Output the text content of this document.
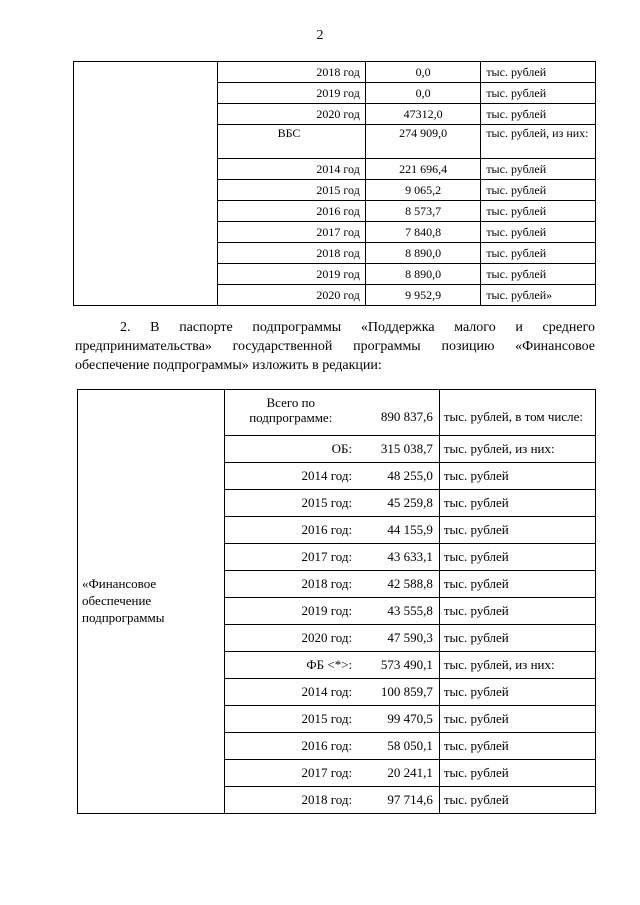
2
	2018 год	0,0	тыс. рублей
	2019 год	0,0	тыс. рублей
	2020 год	47312,0	тыс. рублей
	ВБС	274 909,0	тыс. рублей, из них:
	2014 год	221 696,4	тыс. рублей
	2015 год	9 065,2	тыс. рублей
	2016 год	8 573,7	тыс. рублей
	2017 год	7 840,8	тыс. рублей
	2018 год	8 890,0	тыс. рублей
	2019 год	8 890,0	тыс. рублей
	2020 год	9 952,9	тыс. рублей»
2. В паспорте подпрограммы «Поддержка малого и среднего
предпринимательства» государственной программы позицию «Финансовое
обеспечение подпрограммы» изложить в редакции:
«Финансовое обеспечение подпрограммы	Всего по подпрограмме:	890 837,6	тыс. рублей, в том числе:
	ОБ:	315 038,7	тыс. рублей, из них:
	2014 год:	48 255,0	тыс. рублей
	2015 год:	45 259,8	тыс. рублей
	2016 год:	44 155,9	тыс. рублей
	2017 год:	43 633,1	тыс. рублей
	2018 год:	42 588,8	тыс. рублей
	2019 год:	43 555,8	тыс. рублей
	2020 год:	47 590,3	тыс. рублей
	ФБ <*>:	573 490,1	тыс. рублей, из них:
	2014 год:	100 859,7	тыс. рублей
	2015 год:	99 470,5	тыс. рублей
	2016 год:	58 050,1	тыс. рублей
	2017 год:	20 241,1	тыс. рублей
	2018 год:	97 714,6	тыс. рублей
